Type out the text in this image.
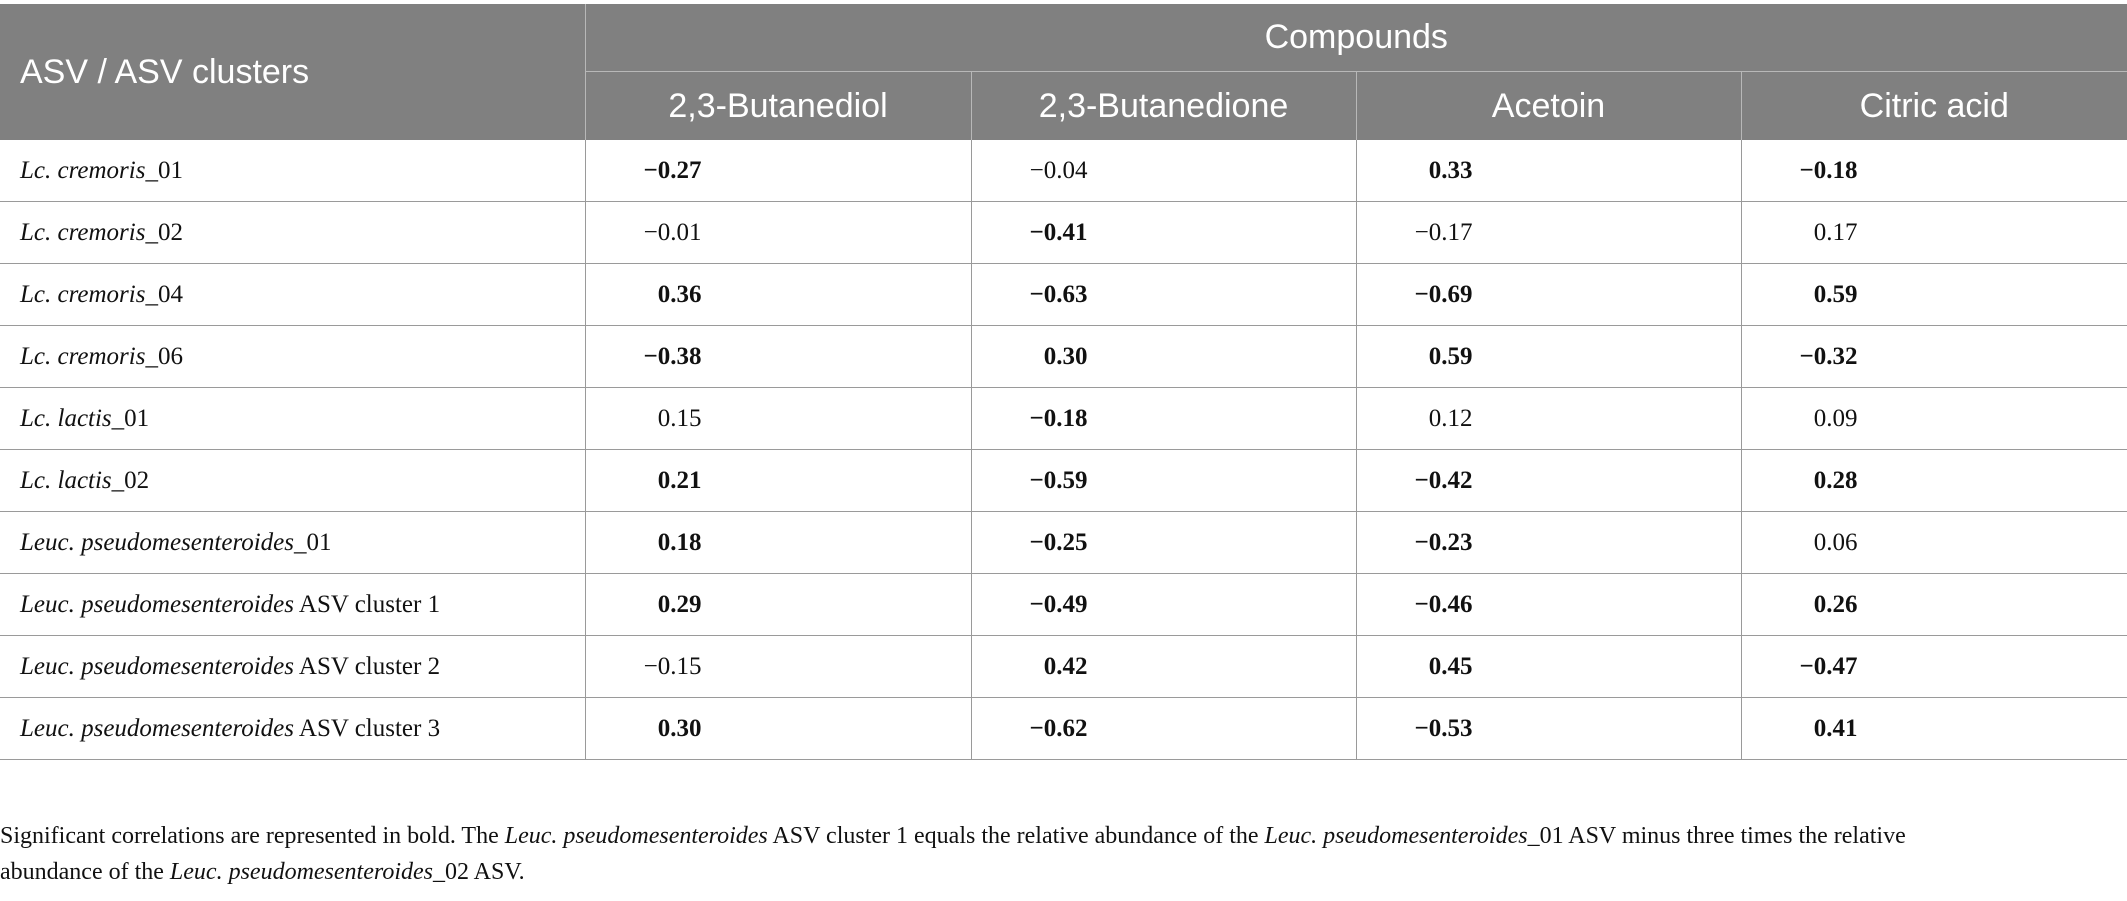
ASV / ASV clusters	Compounds			
	2,3-Butanediol	2,3-Butanedione	Acetoin	Citric acid
Lc. cremoris_01	−0.27	−0.04	0.33	−0.18
Lc. cremoris_02	−0.01	−0.41	−0.17	0.17
Lc. cremoris_04	0.36	−0.63	−0.69	0.59
Lc. cremoris_06	−0.38	0.30	0.59	−0.32
Lc. lactis_01	0.15	−0.18	0.12	0.09
Lc. lactis_02	0.21	−0.59	−0.42	0.28
Leuc. pseudomesenteroides_01	0.18	−0.25	−0.23	0.06
Leuc. pseudomesenteroides ASV cluster 1	0.29	−0.49	−0.46	0.26
Leuc. pseudomesenteroides ASV cluster 2	−0.15	0.42	0.45	−0.47
Leuc. pseudomesenteroides ASV cluster 3	0.30	−0.62	−0.53	0.41
Significant correlations are represented in bold. The Leuc. pseudomesenteroides ASV cluster 1 equals the relative abundance of the Leuc. pseudomesenteroides_01 ASV minus three times the relative
abundance of the Leuc. pseudomesenteroides_02 ASV.
